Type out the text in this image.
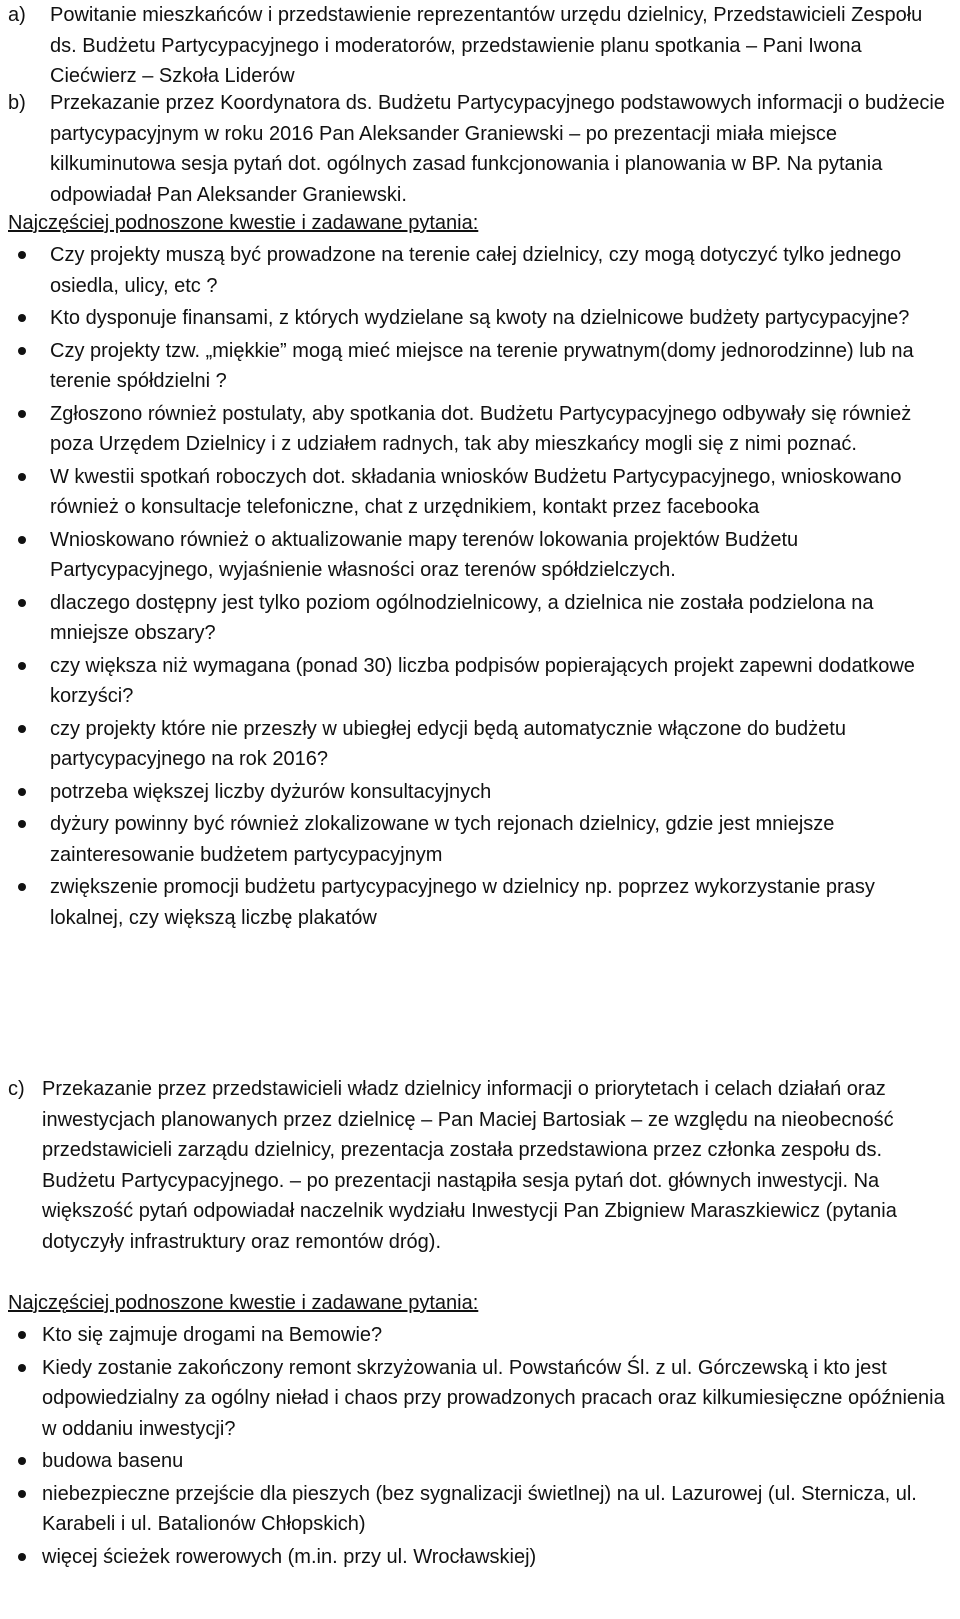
a) Powitanie mieszkańców i przedstawienie reprezentantów urzędu dzielnicy, Przedstawicieli Zespołu ds. Budżetu Partycypacyjnego i moderatorów, przedstawienie planu spotkania – Pani Iwona Ciećwierz – Szkoła Liderów
b) Przekazanie przez Koordynatora ds. Budżetu Partycypacyjnego podstawowych informacji o budżecie partycypacyjnym w roku 2016 Pan Aleksander Graniewski – po prezentacji miała miejsce kilkuminutowa sesja pytań dot. ogólnych zasad funkcjonowania i planowania w BP. Na pytania odpowiadał Pan Aleksander Graniewski.
Najczęściej podnoszone kwestie i zadawane pytania:
Czy projekty muszą być prowadzone na terenie całej dzielnicy, czy mogą dotyczyć tylko jednego osiedla, ulicy, etc ?
Kto dysponuje finansami, z których wydzielane są kwoty na dzielnicowe budżety partycypacyjne?
Czy projekty tzw. „miękkie” mogą mieć miejsce na terenie prywatnym(domy jednorodzinne) lub na terenie spółdzielni ?
Zgłoszono również postulaty, aby spotkania dot. Budżetu Partycypacyjnego odbywały się również poza Urzędem Dzielnicy i z udziałem radnych, tak aby mieszkańcy mogli się z nimi poznać.
W kwestii spotkań roboczych dot. składania wniosków Budżetu Partycypacyjnego, wnioskowano również o konsultacje telefoniczne, chat z urzędnikiem, kontakt przez facebooka
Wnioskowano również o aktualizowanie mapy terenów lokowania projektów Budżetu Partycypacyjnego, wyjaśnienie własności oraz terenów spółdzielczych.
dlaczego dostępny jest tylko poziom ogólnodzielnicowy, a dzielnica nie została podzielona na mniejsze obszary?
czy większa niż wymagana (ponad 30) liczba podpisów popierających projekt zapewni dodatkowe korzyści?
czy projekty które nie przeszły w ubiegłej edycji będą automatycznie włączone do budżetu partycypacyjnego na rok 2016?
potrzeba większej liczby dyżurów konsultacyjnych
dyżury powinny być również zlokalizowane w tych rejonach dzielnicy, gdzie jest mniejsze zainteresowanie budżetem partycypacyjnym
zwiększenie promocji budżetu partycypacyjnego w dzielnicy np. poprzez wykorzystanie prasy lokalnej, czy większą liczbę plakatów
c) Przekazanie przez przedstawicieli władz dzielnicy informacji o priorytetach i celach działań oraz inwestycjach planowanych przez dzielnicę – Pan Maciej Bartosiak – ze względu na nieobecność przedstawicieli zarządu dzielnicy, prezentacja została przedstawiona przez członka zespołu ds. Budżetu Partycypacyjnego. – po prezentacji nastąpiła sesja pytań dot. głównych inwestycji. Na większość pytań odpowiadał naczelnik wydziału Inwestycji Pan Zbigniew Maraszkiewicz (pytania dotyczyły infrastruktury oraz remontów dróg).
Najczęściej podnoszone kwestie i zadawane pytania:
Kto się zajmuje drogami na Bemowie?
Kiedy zostanie zakończony remont skrzyżowania ul. Powstańców Śl. z ul. Górczewską i kto jest odpowiedzialny za ogólny nieład i chaos przy prowadzonych pracach oraz kilkumiesięczne opóźnienia w oddaniu inwestycji?
budowa basenu
niebezpieczne przejście dla pieszych (bez sygnalizacji świetlnej) na ul. Lazurowej (ul. Sternicza, ul. Karabeli i ul. Batalionów Chłopskich)
więcej ścieżek rowerowych (m.in. przy ul. Wrocławskiej)
